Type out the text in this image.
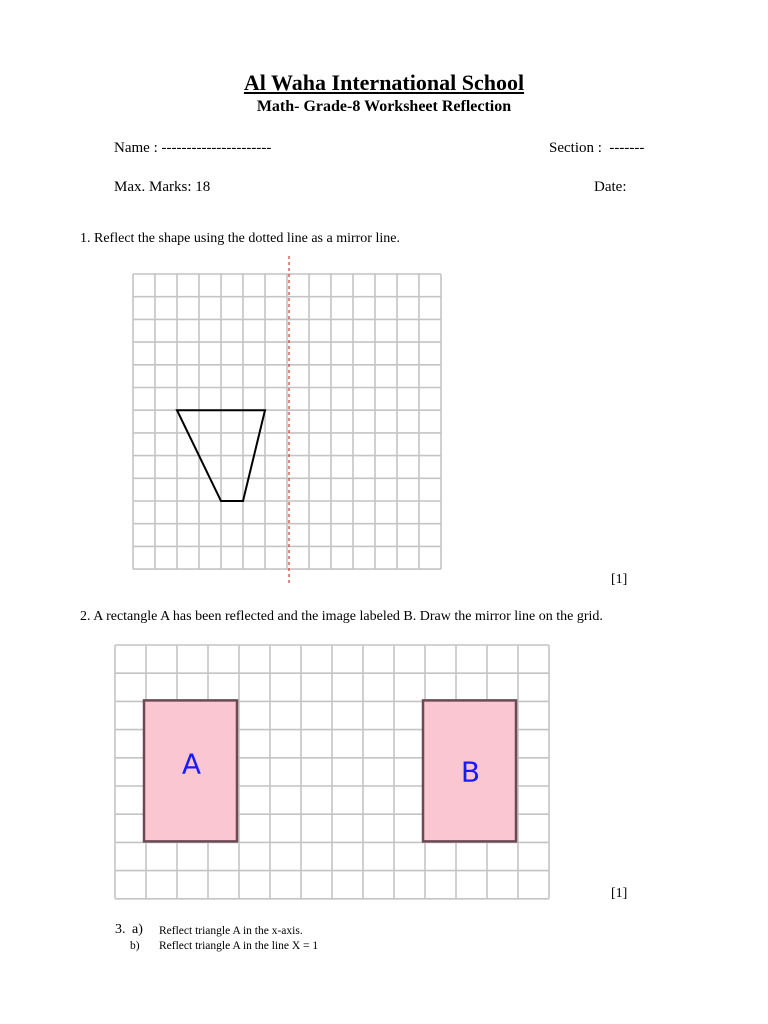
Al Waha International School
Math- Grade-8 Worksheet Reflection
Name : ----------------------	Section :  -------
Max. Marks: 18	Date:
1. Reflect the shape using the dotted line as a mirror line.
[1]
2. A rectangle A has been reflected and the image labeled B. Draw the mirror line on the grid.
A	B
[1]
3. a) Reflect triangle A in the x-axis.
b) Reflect triangle A in the line X = 1
